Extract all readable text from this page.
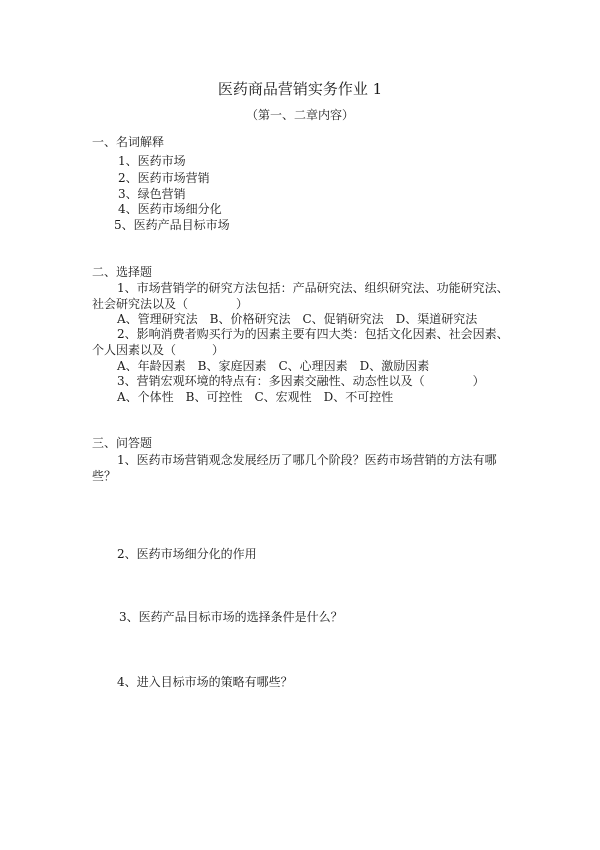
医药商品营销实务作业 1
（第一、二章内容）
一、名词解释
1、医药市场
2、医药市场营销
3、绿色营销
4、医药市场细分化
5、医药产品目标市场
二、选择题
1、市场营销学的研究方法包括：产品研究法、组织研究法、功能研究法、
社会研究法以及（　　　　）
A、管理研究法　B、价格研究法　C、促销研究法　D、渠道研究法
2、影响消费者购买行为的因素主要有四大类：包括文化因素、社会因素、
个人因素以及（　　　）
A、年龄因素　B、家庭因素　C、心理因素　D、激励因素
3、营销宏观环境的特点有：多因素交融性、动态性以及（　　　　）
A、个体性　B、可控性　C、宏观性　D、不可控性
三、问答题
1、医药市场营销观念发展经历了哪几个阶段？医药市场营销的方法有哪
些？
2、医药市场细分化的作用
3、医药产品目标市场的选择条件是什么？
4、进入目标市场的策略有哪些？
